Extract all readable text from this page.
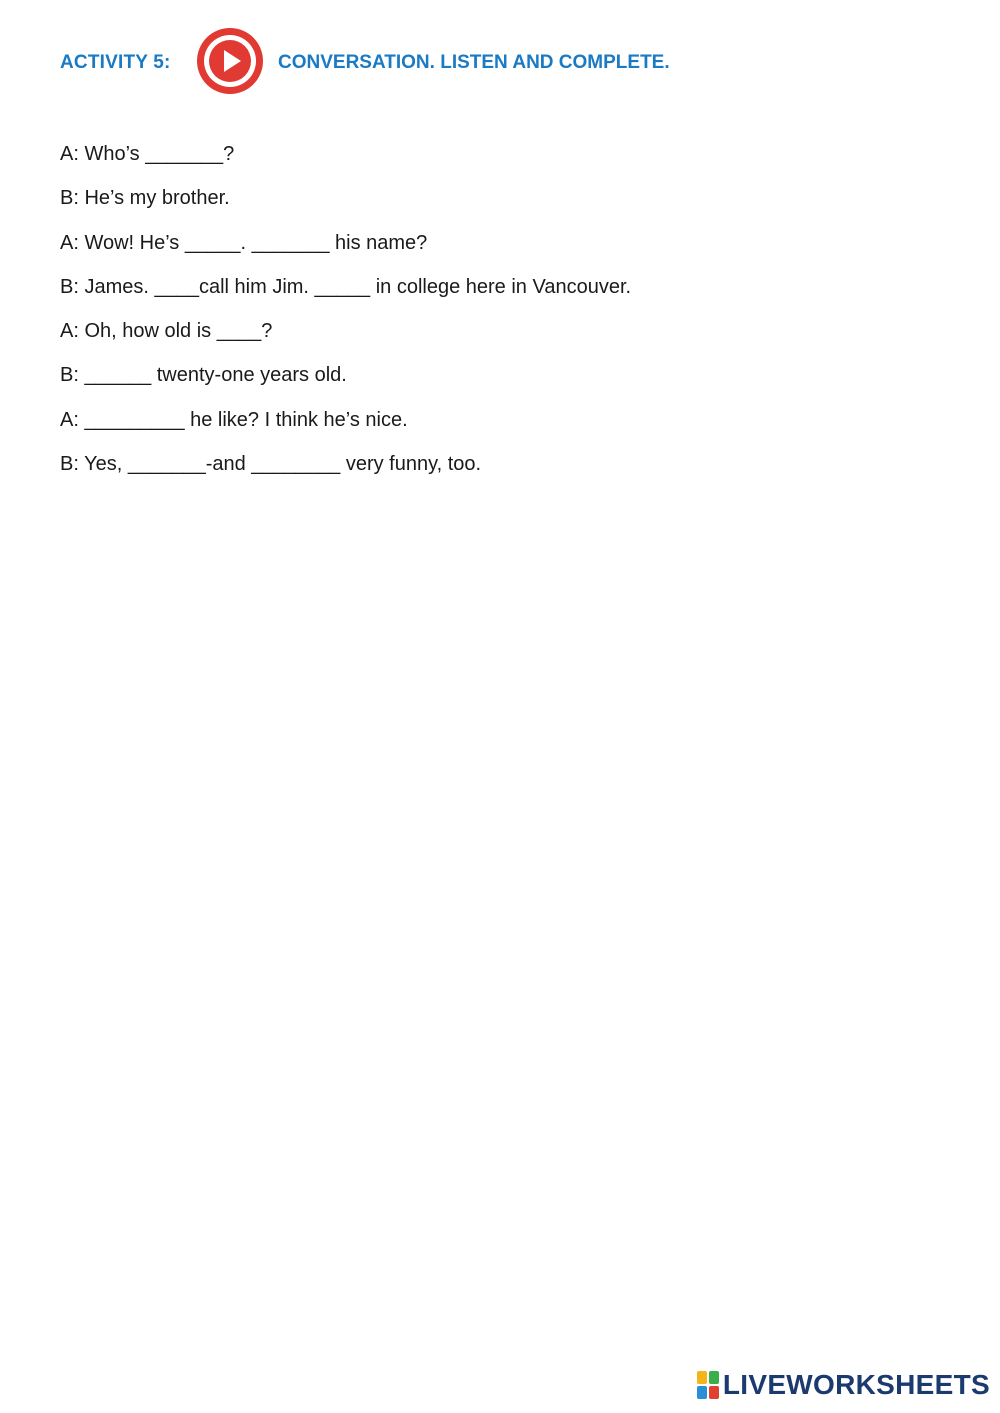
ACTIVITY 5:	CONVERSATION. LISTEN AND COMPLETE.
A: Who’s _______?
B: He’s my brother.
A: Wow! He’s _____. _______ his name?
B: James. ____call him Jim. _____ in college here in Vancouver.
A: Oh, how old is ____?
B: ______ twenty-one years old.
A: _________ he like? I think he’s nice.
B: Yes, _______-and ________ very funny, too.
LIVEWORKSHEETS
